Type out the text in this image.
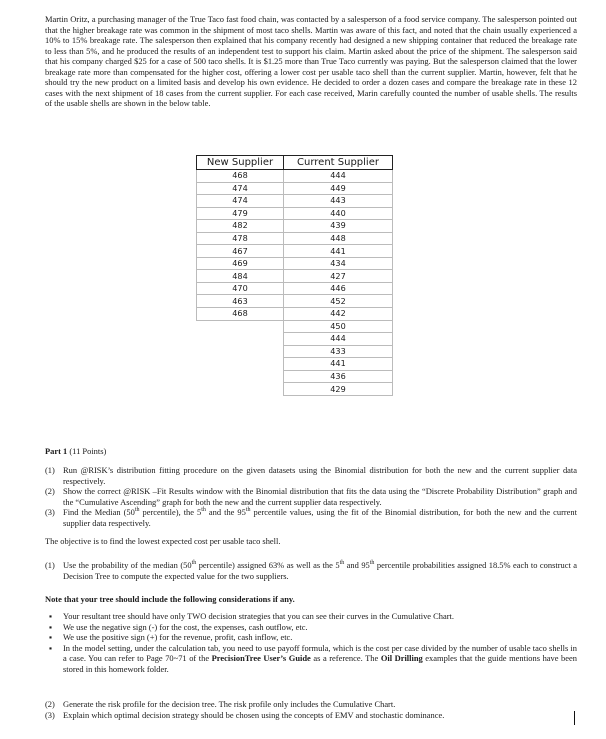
Martin Oritz, a purchasing manager of the True Taco fast food chain, was contacted by a salesperson of a food service company. The salesperson pointed out that the higher breakage rate was common in the shipment of most taco shells. Martin was aware of this fact, and noted that the chain usually experienced a 10% to 15% breakage rate. The salesperson then explained that his company recently had designed a new shipping container that reduced the breakage rate to less than 5%, and he produced the results of an independent test to support his claim. Martin asked about the price of the shipment. The salesperson said that his company charged $25 for a case of 500 taco shells. It is $1.25 more than True Taco currently was paying. But the salesperson claimed that the lower breakage rate more than compensated for the higher cost, offering a lower cost per usable taco shell than the current supplier. Martin, however, felt that he should try the new product on a limited basis and develop his own evidence. He decided to order a dozen cases and compare the breakage rate in these 12 cases with the next shipment of 18 cases from the current supplier. For each case received, Marin carefully counted the number of usable shells. The results of the usable shells are shown in the below table.

New Supplier	Current Supplier
468	444
474	449
474	443
479	440
482	439
478	448
467	441
469	434
484	427
470	446
463	452
468	442
	450
	444
	433
	441
	436
	429

Part 1 (11 Points)

(1) Run @RISK’s distribution fitting procedure on the given datasets using the Binomial distribution for both the new and the current supplier data respectively.
(2) Show the correct @RISK –Fit Results window with the Binomial distribution that fits the data using the “Discrete Probability Distribution” graph and the “Cumulative Ascending” graph for both the new and the current supplier data respectively.
(3) Find the Median (50th percentile), the 5th and the 95th percentile values, using the fit of the Binomial distribution, for both the new and the current supplier data respectively.

The objective is to find the lowest expected cost per usable taco shell.

(1) Use the probability of the median (50th percentile) assigned 63% as well as the 5th and 95th percentile probabilities assigned 18.5% each to construct a Decision Tree to compute the expected value for the two suppliers.

Note that your tree should include the following considerations if any.

▪	Your resultant tree should have only TWO decision strategies that you can see their curves in the Cumulative Chart.
▪	We use the negative sign (-) for the cost, the expenses, cash outflow, etc.
▪	We use the positive sign (+) for the revenue, profit, cash inflow, etc.
▪	In the model setting, under the calculation tab, you need to use payoff formula, which is the cost per case divided by the number of usable taco shells in a case. You can refer to Page 70~71 of the PrecisionTree User’s Guide as a reference. The Oil Drilling examples that the guide mentions have been stored in this homework folder.
(2) Generate the risk profile for the decision tree. The risk profile only includes the Cumulative Chart.
(3) Explain which optimal decision strategy should be chosen using the concepts of EMV and stochastic dominance.
